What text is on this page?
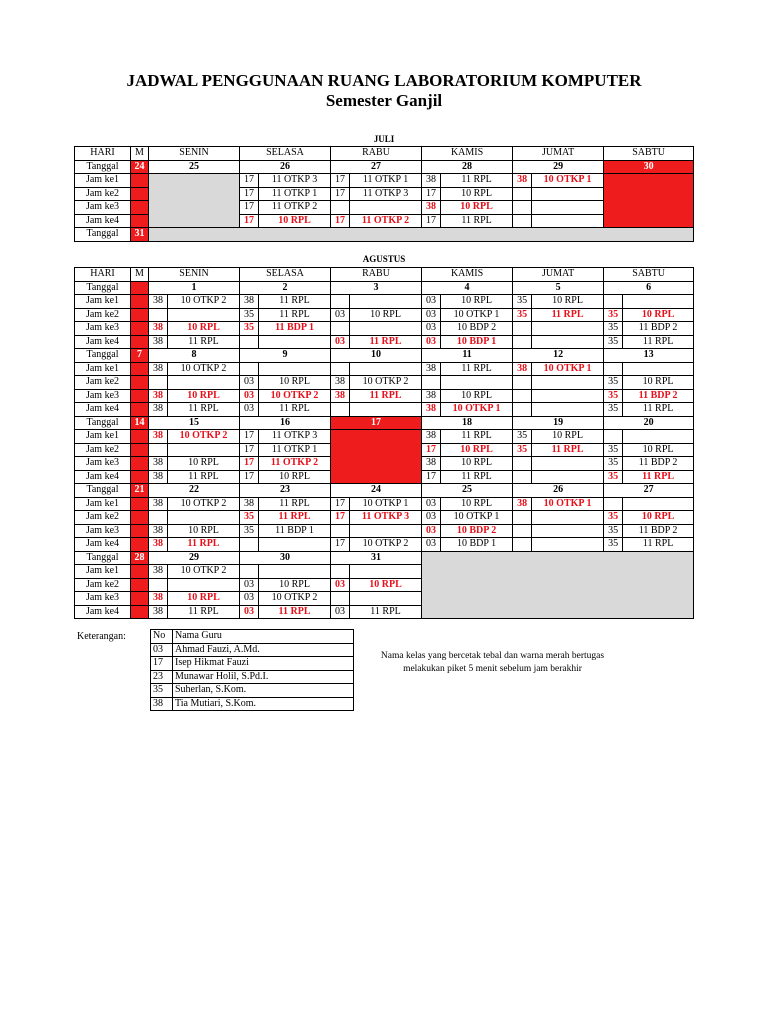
JADWAL PENGGUNAAN RUANG LABORATORIUM KOMPUTER
Semester Ganjil
JULI
HARI	M	SENIN	SELASA		RABU		KAMIS		JUMAT		SABTU
Tanggal	24	25	26		27		28		29		30
Jam ke1			17	11 OTKP 3	17	11 OTKP 1	38	11 RPL	38	10 OTKP 1	
Jam ke2			17	11 OTKP 1	17	11 OTKP 3	17	10 RPL			
Jam ke3			17	11 OTKP 2			38	10 RPL			
Jam ke4			17	10 RPL	17	11 OTKP 2	17	11 RPL			
Tanggal	31										
AGUSTUS
HARI	M	SENIN		SELASA		RABU		KAMIS		JUMAT		SABTU	
Tanggal		1		2		3		4		5		6	
Jam ke1		38	10 OTKP 2	38	11 RPL			03	10 RPL	35	10 RPL		
Jam ke2				35	11 RPL	03	10 RPL	03	10 OTKP 1	35	11 RPL	35	10 RPL
Jam ke3		38	10 RPL	35	11 BDP 1			03	10 BDP 2			35	11 BDP 2
Jam ke4		38	11 RPL			03	11 RPL	03	10 BDP 1			35	11 RPL
Tanggal	7	8		9		10		11		12		13	
Jam ke1		38	10 OTKP 2					38	11 RPL	38	10 OTKP 1		
Jam ke2				03	10 RPL	38	10 OTKP 2					35	10 RPL
Jam ke3		38	10 RPL	03	10 OTKP 2	38	11 RPL	38	10 RPL			35	11 BDP 2
Jam ke4		38	11 RPL	03	11 RPL			38	10 OTKP 1			35	11 RPL
Tanggal	14	15		16		17		18		19		20	
Jam ke1		38	10 OTKP 2	17	11 OTKP 3			38	11 RPL	35	10 RPL		
Jam ke2				17	11 OTKP 1			17	10 RPL	35	11 RPL	35	10 RPL
Jam ke3		38	10 RPL	17	11 OTKP 2			38	10 RPL			35	11 BDP 2
Jam ke4		38	11 RPL	17	10 RPL			17	11 RPL			35	11 RPL
Tanggal	21	22		23		24		25		26		27	
Jam ke1		38	10 OTKP 2	38	11 RPL	17	10 OTKP 1	03	10 RPL	38	10 OTKP 1		
Jam ke2				35	11 RPL	17	11 OTKP 3	03	10 OTKP 1			35	10 RPL
Jam ke3		38	10 RPL	35	11 BDP 1			03	10 BDP 2			35	11 BDP 2
Jam ke4		38	11 RPL			17	10 OTKP 2	03	10 BDP 1			35	11 RPL
Tanggal	28	29		30		31							
Jam ke1		38	10 OTKP 2										
Jam ke2				03	10 RPL	03	10 RPL						
Jam ke3		38	10 RPL	03	10 OTKP 2								
Jam ke4		38	11 RPL	03	11 RPL	03	11 RPL						
Keterangan:	No	Nama Guru
03	Ahmad Fauzi, A.Md.
17	Isep Hikmat Fauzi
23	Munawar Holil, S.Pd.I.
35	Suherlan, S.Kom.
38	Tia Mutiari, S.Kom.
Nama kelas yang bercetak tebal dan warna merah bertugas melakukan piket 5 menit sebelum jam berakhir
